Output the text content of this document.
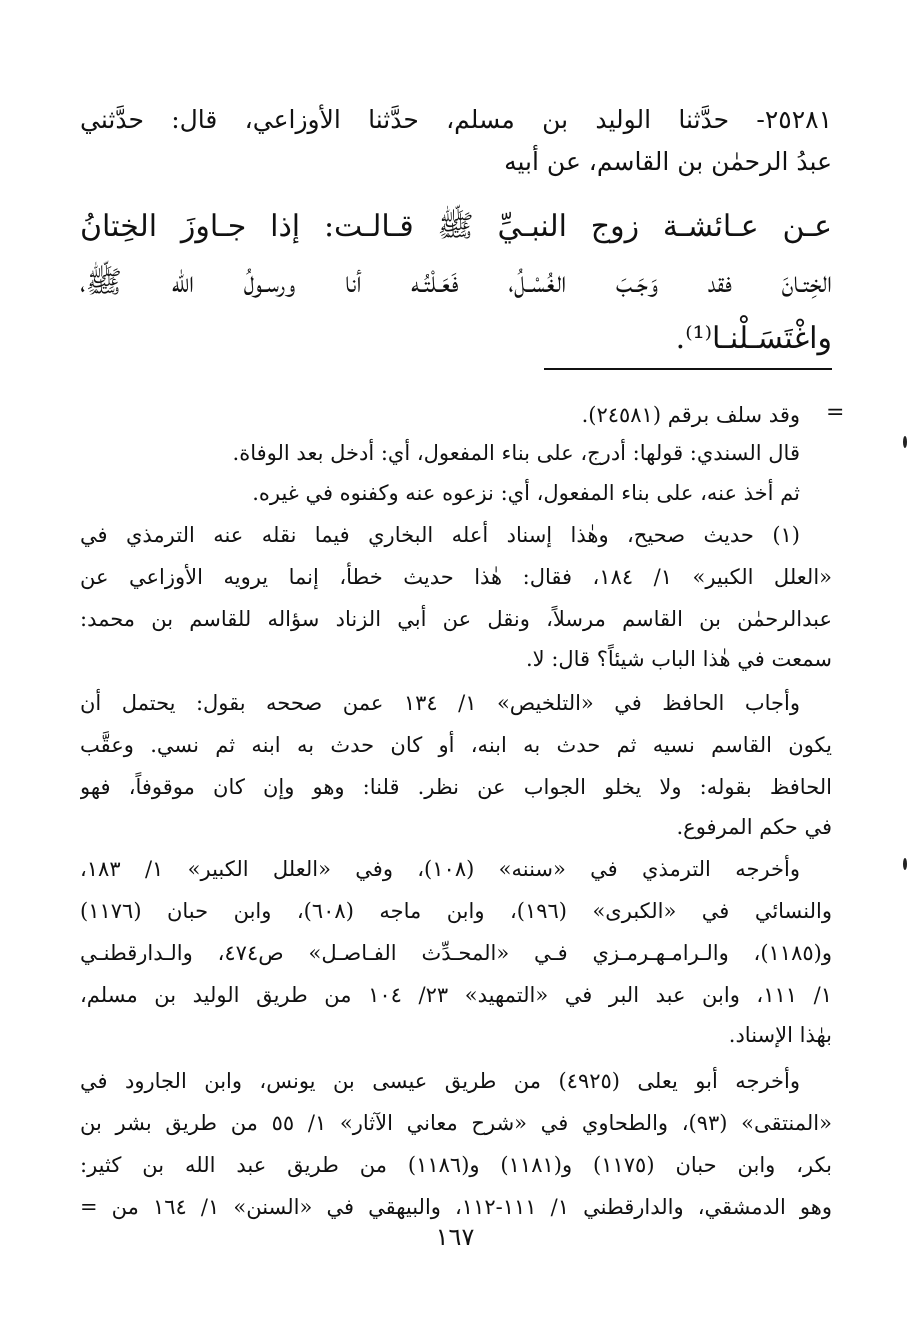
٢٥٢٨١- حدَّثنا الوليد بن مسلم، حدَّثنا الأوزاعي، قال: حدَّثني
عبدُ الرحمٰن بن القاسم، عن أبيه
عـن عـائشـة زوج النبـيِّ ﷺ قـالـت: إذا جـاوزَ الخِتانُ
الخِتـانَ فقد وَجَـبَ الغُسْـلُ، فَعَـلْتُـه أنا ورسـولُ الله ﷺ،
واغْتَسَـلْنـا⁽¹⁾.
=
وقد سلف برقم (٢٤٥٨١).
قال السندي: قولها: أدرج، على بناء المفعول، أي: أدخل بعد الوفاة.
ثم أخذ عنه، على بناء المفعول، أي: نزعوه عنه وكفنوه في غيره.
(١) حديث صحيح، وهٰذا إسناد أعله البخاري فيما نقله عنه الترمذي في
«العلل الكبير» ١/ ١٨٤، فقال: هٰذا حديث خطأ، إنما يرويه الأوزاعي عن
عبدالرحمٰن بن القاسم مرسلاً، ونقل عن أبي الزناد سؤاله للقاسم بن محمد:
سمعت في هٰذا الباب شيئاً؟ قال: لا.
وأجاب الحافظ في «التلخيص» ١/ ١٣٤ عمن صححه بقول: يحتمل أن
يكون القاسم نسيه ثم حدث به ابنه، أو كان حدث به ابنه ثم نسي. وعقَّب
الحافظ بقوله: ولا يخلو الجواب عن نظر. قلنا: وهو وإن كان موقوفاً، فهو
في حكم المرفوع.
وأخرجه الترمذي في «سننه» (١٠٨)، وفي «العلل الكبير» ١/ ١٨٣،
والنسائي في «الكبرى» (١٩٦)، وابن ماجه (٦٠٨)، وابن حبان (١١٧٦)
و(١١٨٥)، والـرامـهـرمـزي فـي «المحـدِّث الفـاصـل» ص٤٧٤، والـدارقطنـي
١/ ١١١، وابن عبد البر في «التمهيد» ٢٣/ ١٠٤ من طريق الوليد بن مسلم،
بهٰذا الإسناد.
وأخرجه أبو يعلى (٤٩٢٥) من طريق عيسى بن يونس، وابن الجارود في
«المنتقى» (٩٣)، والطحاوي في «شرح معاني الآثار» ١/ ٥٥ من طريق بشر بن
بكر، وابن حبان (١١٧٥) و(١١٨١) و(١١٨٦) من طريق عبد الله بن كثير:
وهو الدمشقي، والدارقطني ١/ ١١١-١١٢، والبيهقي في «السنن» ١/ ١٦٤ من =
١٦٧
